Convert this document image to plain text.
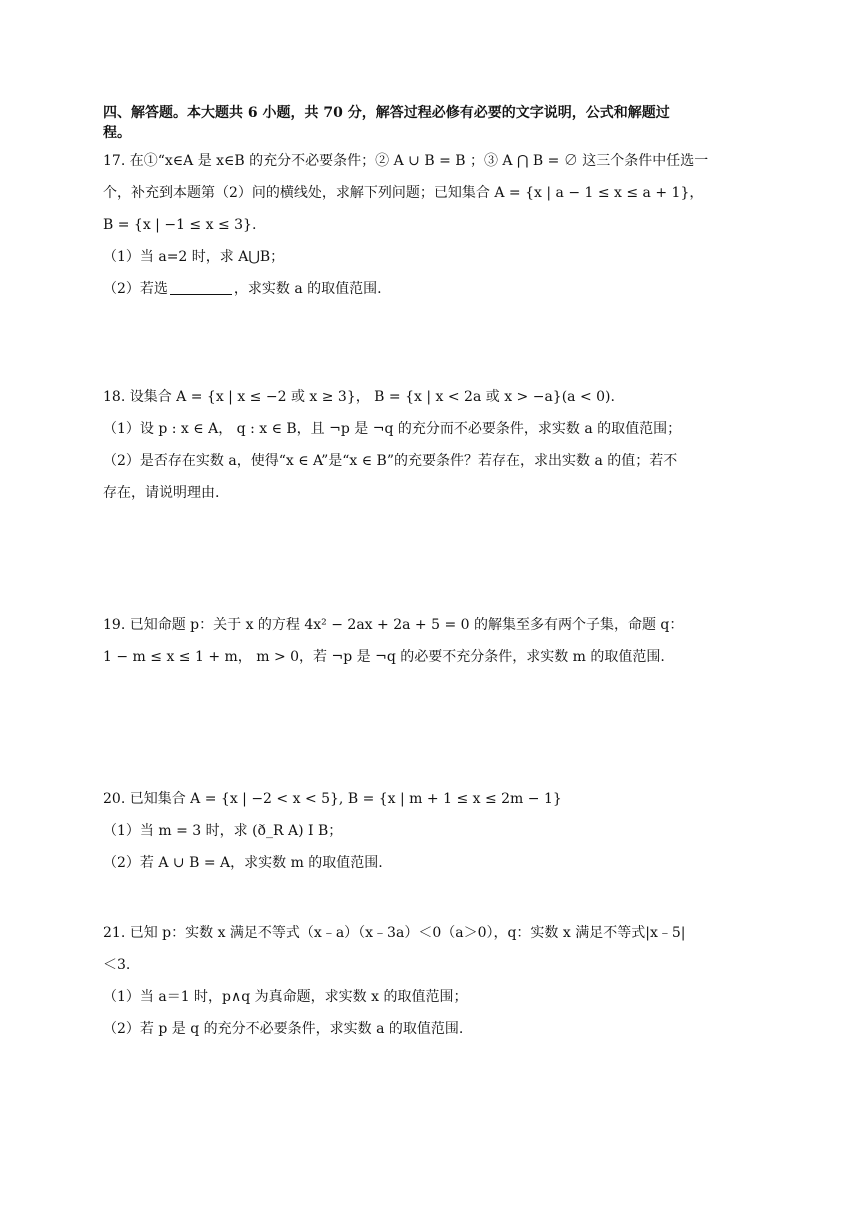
四、解答题。本大题共 6 小题，共 70 分，解答过程必修有必要的文字说明，公式和解题过
程。
17. 在①“x∈A 是 x∈B 的充分不必要条件；② A ∪ B = B ；③ A ⋂ B = ∅ 这三个条件中任选一
个，补充到本题第（2）问的横线处，求解下列问题；已知集合 A = {x | a − 1 ≤ x ≤ a + 1}，
B = {x | −1 ≤ x ≤ 3}.
（1）当 a=2 时，求 A⋃B；
（2）若选	，求实数 a 的取值范围.
18. 设集合 A = {x | x ≤ −2 或 x ≥ 3}， B = {x | x < 2a 或 x > −a}(a < 0).
（1）设 p : x ∈ A， q : x ∈ B，且 ¬p 是 ¬q 的充分而不必要条件，求实数 a 的取值范围；
（2）是否存在实数 a，使得“x ∈ A”是“x ∈ B”的充要条件？若存在，求出实数 a 的值；若不
存在，请说明理由.
19. 已知命题 p：关于 x 的方程 4x² − 2ax + 2a + 5 = 0 的解集至多有两个子集，命题 q：
1 − m ≤ x ≤ 1 + m， m > 0，若 ¬p 是 ¬q 的必要不充分条件，求实数 m 的取值范围.
20. 已知集合 A = {x | −2 < x < 5}, B = {x | m + 1 ≤ x ≤ 2m − 1}
（1）当 m = 3 时，求 (ð_R A) I B；
（2）若 A ∪ B = A，求实数 m 的取值范围.
21. 已知 p：实数 x 满足不等式（x﹣a）（x﹣3a）＜0（a＞0），q：实数 x 满足不等式|x﹣5|
＜3.
（1）当 a＝1 时，p∧q 为真命题，求实数 x 的取值范围；
（2）若 p 是 q 的充分不必要条件，求实数 a 的取值范围.
